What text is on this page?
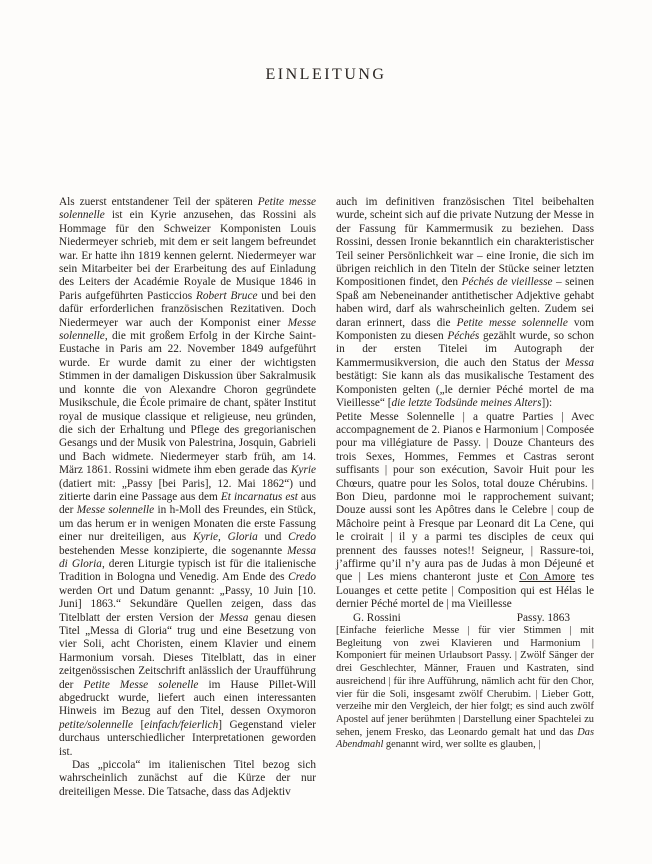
EINLEITUNG

Als zuerst entstandener Teil der späteren Petite messe solennelle ist ein Kyrie anzusehen, das Rossini als Hommage für den Schweizer Komponisten Louis Niedermeyer schrieb, mit dem er seit langem befreundet war. Er hatte ihn 1819 kennen gelernt. Niedermeyer war sein Mitarbeiter bei der Erarbeitung des auf Einladung des Leiters der Académie Royale de Musique 1846 in Paris aufgeführten Pasticcios Robert Bruce und bei den dafür erforderlichen französischen Rezitativen. Doch Niedermeyer war auch der Komponist einer Messe solennelle, die mit großem Erfolg in der Kirche Saint-Eustache in Paris am 22. November 1849 aufgeführt wurde. Er wurde damit zu einer der wichtigsten Stimmen in der damaligen Diskussion über Sakralmusik und konnte die von Alexandre Choron gegründete Musikschule, die École primaire de chant, später Institut royal de musique classique et religieuse, neu gründen, die sich der Erhaltung und Pflege des gregorianischen Gesangs und der Musik von Palestrina, Josquin, Gabrieli und Bach widmete. Niedermeyer starb früh, am 14. März 1861. Rossini widmete ihm eben gerade das Kyrie (datiert mit: „Passy [bei Paris], 12. Mai 1862“) und zitierte darin eine Passage aus dem Et incarnatus est aus der Messe solennelle in h-Moll des Freundes, ein Stück, um das herum er in wenigen Monaten die erste Fassung einer nur dreiteiligen, aus Kyrie, Gloria und Credo bestehenden Messe konzipierte, die sogenannte Messa di Gloria, deren Liturgie typisch ist für die italienische Tradition in Bologna und Venedig. Am Ende des Credo werden Ort und Datum genannt: „Passy, 10 Juin [10. Juni] 1863.“ Sekundäre Quellen zeigen, dass das Titelblatt der ersten Version der Messa genau diesen Titel „Messa di Gloria“ trug und eine Besetzung von vier Soli, acht Choristen, einem Klavier und einem Harmonium vorsah. Dieses Titelblatt, das in einer zeitgenössischen Zeitschrift anlässlich der Uraufführung der Petite Messe solenelle im Hause Pillet-Will abgedruckt wurde, liefert auch einen interessanten Hinweis im Bezug auf den Titel, dessen Oxymoron petite/solennelle [einfach/feierlich] Gegenstand vieler durchaus unterschiedlicher Interpretationen geworden ist.

Das „piccola“ im italienischen Titel bezog sich wahrscheinlich zunächst auf die Kürze der nur dreiteiligen Messe. Die Tatsache, dass das Adjektiv

auch im definitiven französischen Titel beibehalten wurde, scheint sich auf die private Nutzung der Messe in der Fassung für Kammermusik zu beziehen. Dass Rossini, dessen Ironie bekanntlich ein charakteristischer Teil seiner Persönlichkeit war – eine Ironie, die sich im übrigen reichlich in den Titeln der Stücke seiner letzten Kompositionen findet, den Péchés de vieillesse – seinen Spaß am Nebeneinander antithetischer Adjektive gehabt haben wird, darf als wahrscheinlich gelten. Zudem sei daran erinnert, dass die Petite messe solennelle vom Komponisten zu diesen Péchés gezählt wurde, so schon in der ersten Titelei im Autograph der Kammermusikversion, die auch den Status der Messa bestätigt: Sie kann als das musikalische Testament des Komponisten gelten („le dernier Péché mortel de ma Vieillesse“ [die letzte Todsünde meines Alters]):

Petite Messe Solennelle | a quatre Parties | Avec accompagnement de 2. Pianos e Harmonium | Composée pour ma villégiature de Passy. | Douze Chanteurs des trois Sexes, Hommes, Femmes et Castras seront suffisants | pour son exécution, Savoir Huit pour les Chœurs, quatre pour les Solos, total douze Chérubins. | Bon Dieu, pardonne moi le rapprochement suivant; Douze aussi sont les Apôtres dans le Celebre | coup de Mâchoire peint à Fresque par Leonard dit La Cene, qui le croirait | il y a parmi tes disciples de ceux qui prennent des fausses notes!! Seigneur, | Rassure-toi, j’affirme qu’il n’y aura pas de Judas à mon Déjeuné et que | Les miens chanteront juste et Con Amore tes Louanges et cette petite | Composition qui est Hélas le dernier Péché mortel de | ma Vieillesse

G. Rossini	Passy. 1863

[Einfache feierliche Messe | für vier Stimmen | mit Begleitung von zwei Klavieren und Harmonium | Komponiert für meinen Urlaubsort Passy. | Zwölf Sänger der drei Geschlechter, Männer, Frauen und Kastraten, sind ausreichend | für ihre Aufführung, nämlich acht für den Chor, vier für die Soli, insgesamt zwölf Cherubim. | Lieber Gott, verzeihe mir den Vergleich, der hier folgt; es sind auch zwölf Apostel auf jener berühmten | Darstellung einer Spachtelei zu sehen, jenem Fresko, das Leonardo gemalt hat und das Das Abendmahl genannt wird, wer sollte es glauben, |
